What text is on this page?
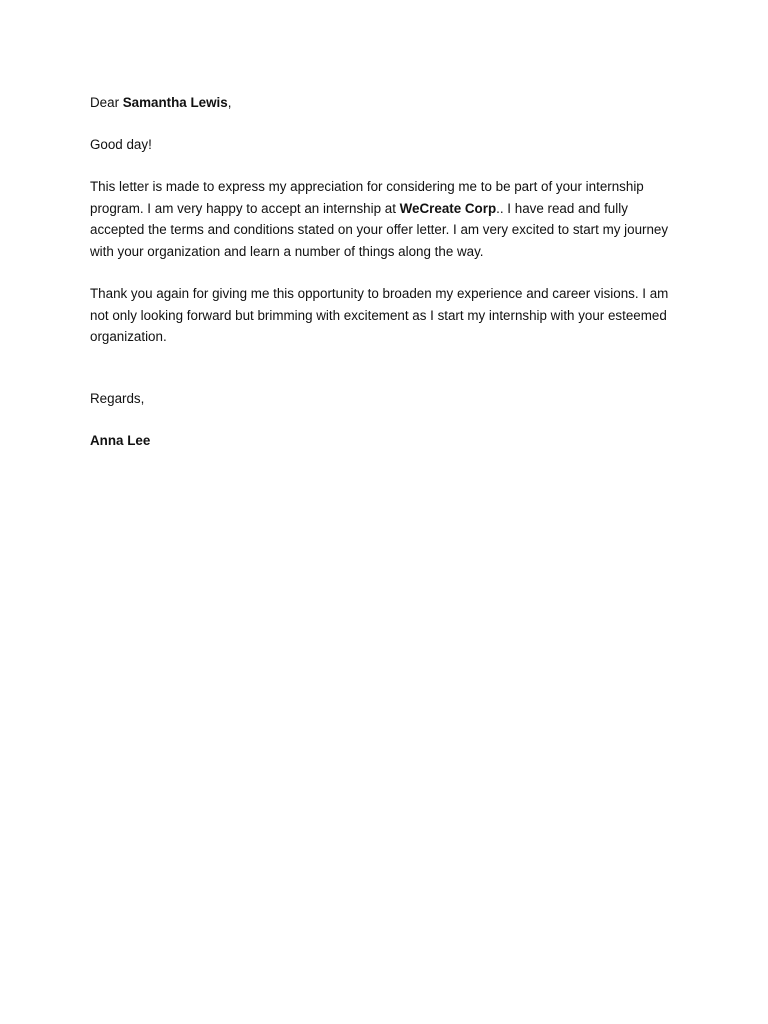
Dear Samantha Lewis,

Good day!

This letter is made to express my appreciation for considering me to be part of your internship program. I am very happy to accept an internship at WeCreate Corp.. I have read and fully accepted the terms and conditions stated on your offer letter. I am very excited to start my journey with your organization and learn a number of things along the way.

Thank you again for giving me this opportunity to broaden my experience and career visions. I am not only looking forward but brimming with excitement as I start my internship with your esteemed organization.

Regards,

Anna Lee
